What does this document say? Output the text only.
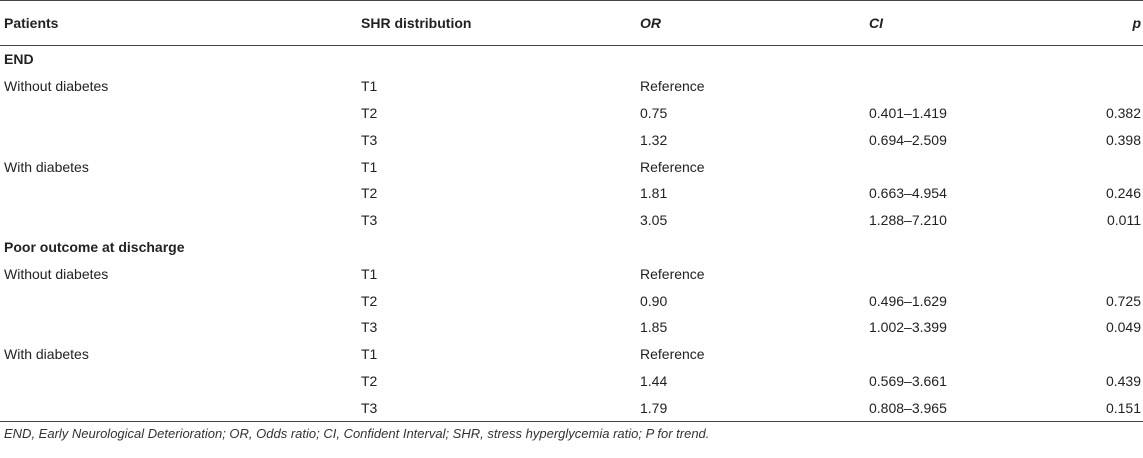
Patients	SHR distribution	OR	CI	p
END				
Without diabetes	T1	Reference		
	T2	0.75	0.401–1.419	0.382
	T3	1.32	0.694–2.509	0.398
With diabetes	T1	Reference		
	T2	1.81	0.663–4.954	0.246
	T3	3.05	1.288–7.210	0.011
Poor outcome at discharge				
Without diabetes	T1	Reference		
	T2	0.90	0.496–1.629	0.725
	T3	1.85	1.002–3.399	0.049
With diabetes	T1	Reference		
	T2	1.44	0.569–3.661	0.439
	T3	1.79	0.808–3.965	0.151
END, Early Neurological Deterioration; OR, Odds ratio; CI, Confident Interval; SHR, stress hyperglycemia ratio; P for trend.
